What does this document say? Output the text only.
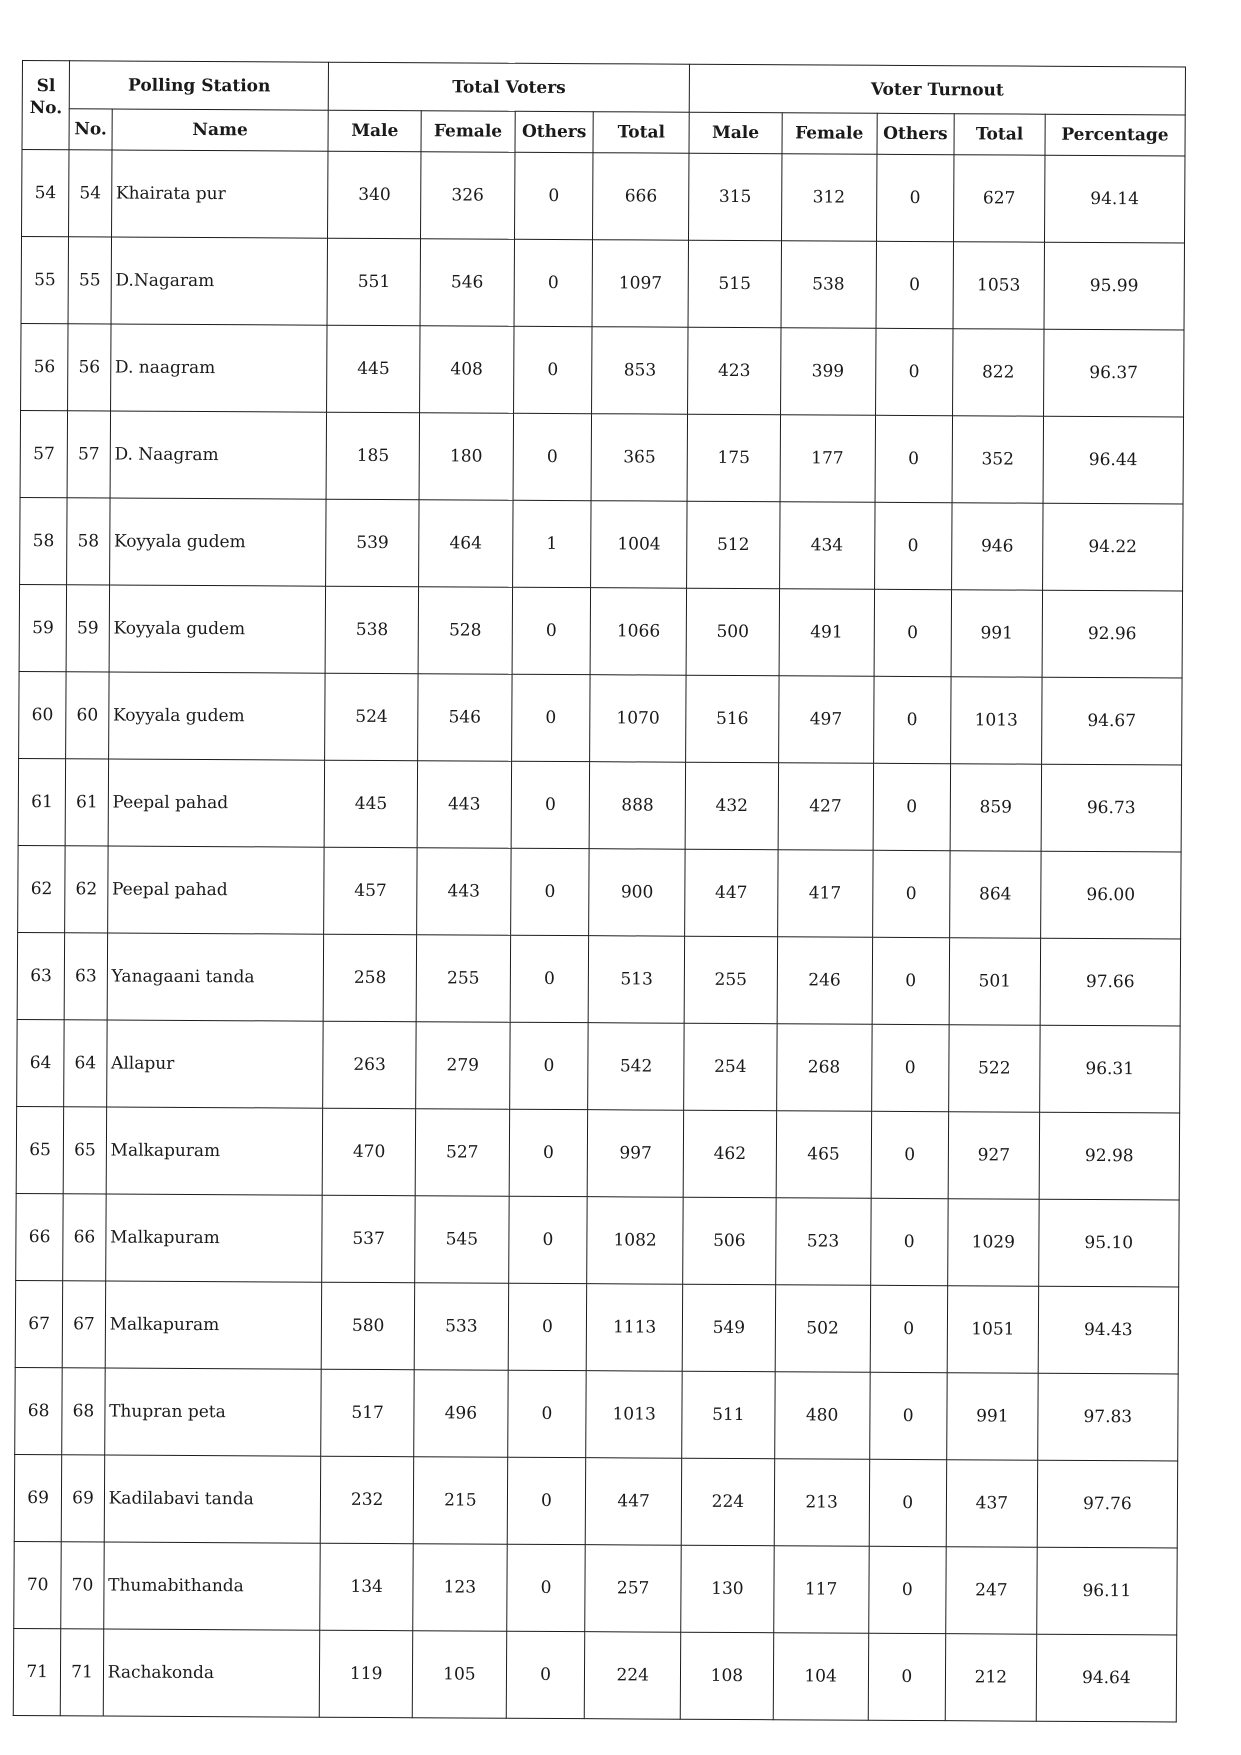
Sl No.	Polling Station		Total Voters				Voter Turnout				
	No.	Name	Male	Female	Others	Total	Male	Female	Others	Total	Percentage
54	54	Khairata pur	340	326	0	666	315	312	0	627	94.14
55	55	D.Nagaram	551	546	0	1097	515	538	0	1053	95.99
56	56	D. naagram	445	408	0	853	423	399	0	822	96.37
57	57	D. Naagram	185	180	0	365	175	177	0	352	96.44
58	58	Koyyala gudem	539	464	1	1004	512	434	0	946	94.22
59	59	Koyyala gudem	538	528	0	1066	500	491	0	991	92.96
60	60	Koyyala gudem	524	546	0	1070	516	497	0	1013	94.67
61	61	Peepal pahad	445	443	0	888	432	427	0	859	96.73
62	62	Peepal pahad	457	443	0	900	447	417	0	864	96.00
63	63	Yanagaani tanda	258	255	0	513	255	246	0	501	97.66
64	64	Allapur	263	279	0	542	254	268	0	522	96.31
65	65	Malkapuram	470	527	0	997	462	465	0	927	92.98
66	66	Malkapuram	537	545	0	1082	506	523	0	1029	95.10
67	67	Malkapuram	580	533	0	1113	549	502	0	1051	94.43
68	68	Thupran peta	517	496	0	1013	511	480	0	991	97.83
69	69	Kadilabavi tanda	232	215	0	447	224	213	0	437	97.76
70	70	Thumabithanda	134	123	0	257	130	117	0	247	96.11
71	71	Rachakonda	119	105	0	224	108	104	0	212	94.64
